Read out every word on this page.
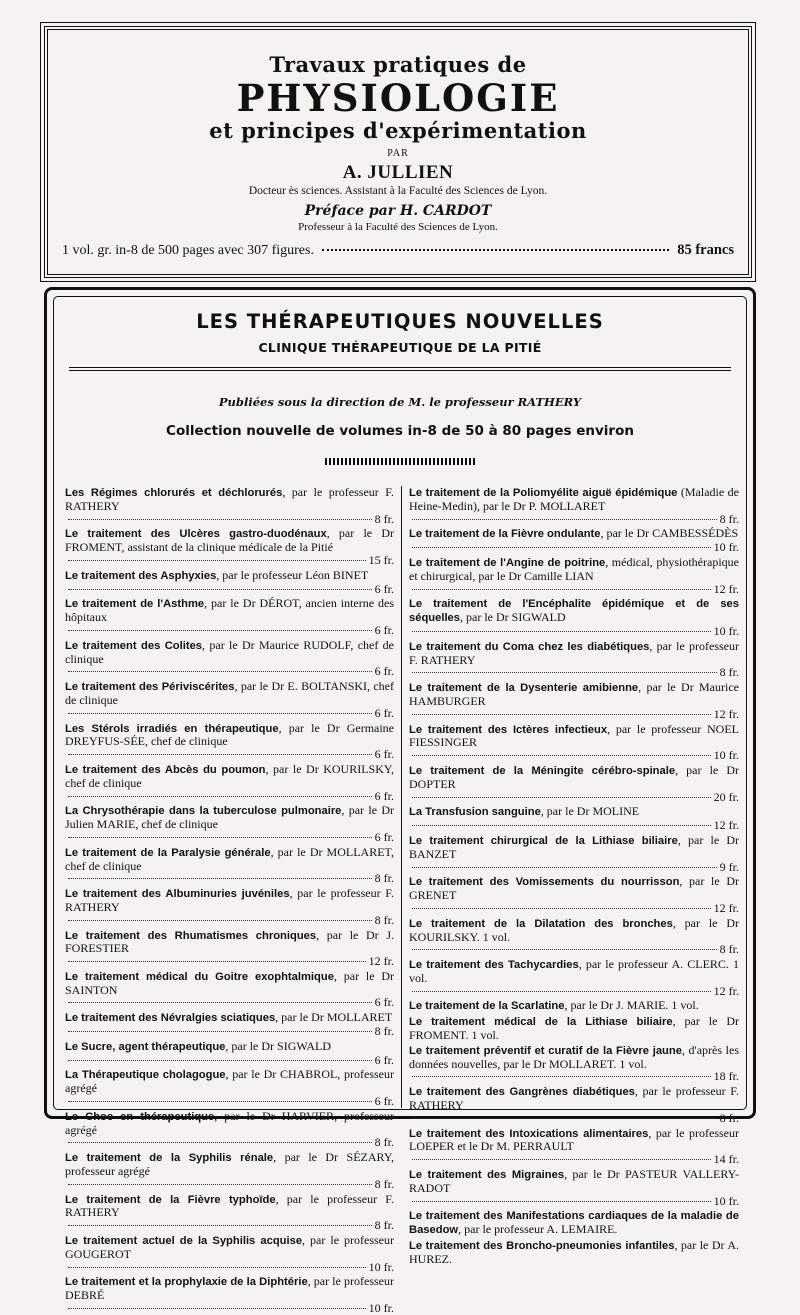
Travaux pratiques de
PHYSIOLOGIE
et principes d'expérimentation
PAR
A. JULLIEN
Docteur ès sciences. Assistant à la Faculté des Sciences de Lyon.
Préface par H. CARDOT
Professeur à la Faculté des Sciences de Lyon.
1 vol. gr. in-8 de 500 pages avec 307 figures.	85 francs
LES THÉRAPEUTIQUES NOUVELLES
CLINIQUE THÉRAPEUTIQUE DE LA PITIÉ
Publiées sous la direction de M. le professeur RATHERY
Collection nouvelle de volumes in-8 de 50 à 80 pages environ
Les Régimes chlorurés et déchlorurés, par le professeur F. RATHERY
8 fr.
Le traitement des Ulcères gastro-duodénaux, par le Dr FROMENT, assistant de la clinique médicale de la Pitié
15 fr.
Le traitement des Asphyxies, par le professeur Léon BINET
6 fr.
Le traitement de l'Asthme, par le Dr DÉROT, ancien interne des hôpitaux
6 fr.
Le traitement des Colites, par le Dr Maurice RUDOLF, chef de clinique
6 fr.
Le traitement des Périviscérites, par le Dr E. BOLTANSKI, chef de clinique
6 fr.
Les Stérols irradiés en thérapeutique, par le Dr Germaine DREYFUS-SÉE, chef de clinique
6 fr.
Le traitement des Abcès du poumon, par le Dr KOURILSKY, chef de clinique
6 fr.
La Chrysothérapie dans la tuberculose pulmonaire, par le Dr Julien MARIE, chef de clinique
6 fr.
Le traitement de la Paralysie générale, par le Dr MOLLARET, chef de clinique
8 fr.
Le traitement des Albuminuries juvéniles, par le professeur F. RATHERY
8 fr.
Le traitement des Rhumatismes chroniques, par le Dr J. FORESTIER
12 fr.
Le traitement médical du Goitre exophtalmique, par le Dr SAINTON
6 fr.
Le traitement des Névralgies sciatiques, par le Dr MOLLARET
8 fr.
Le Sucre, agent thérapeutique, par le Dr SIGWALD
6 fr.
La Thérapeutique cholagogue, par le Dr CHABROL, professeur agrégé
6 fr.
Le Choc en thérapeutique, par le Dr HARVIER, professeur agrégé
8 fr.
Le traitement de la Syphilis rénale, par le Dr SÉZARY, professeur agrégé
8 fr.
Le traitement de la Fièvre typhoïde, par le professeur F. RATHERY
8 fr.
Le traitement actuel de la Syphilis acquise, par le professeur GOUGEROT
10 fr.
Le traitement et la prophylaxie de la Diphtérie, par le professeur DEBRÉ
10 fr.
Le traitement de la Poliomyélite aiguë épidémique (Maladie de Heine-Medin), par le Dr P. MOLLARET
8 fr.
Le traitement de la Fièvre ondulante, par le Dr CAMBESSÉDÈS
10 fr.
Le traitement de l'Angine de poitrine, médical, physiothérapique et chirurgical, par le Dr Camille LIAN
12 fr.
Le traitement de l'Encéphalite épidémique et de ses séquelles, par le Dr SIGWALD
10 fr.
Le traitement du Coma chez les diabétiques, par le professeur F. RATHERY
8 fr.
Le traitement de la Dysenterie amibienne, par le Dr Maurice HAMBURGER
12 fr.
Le traitement des Ictères infectieux, par le professeur NOEL FIESSINGER
10 fr.
Le traitement de la Méningite cérébro-spinale, par le Dr DOPTER
20 fr.
La Transfusion sanguine, par le Dr MOLINE
12 fr.
Le traitement chirurgical de la Lithiase biliaire, par le Dr BANZET
9 fr.
Le traitement des Vomissements du nourrisson, par le Dr GRENET
12 fr.
Le traitement de la Dilatation des bronches, par le Dr KOURILSKY. 1 vol.
8 fr.
Le traitement des Tachycardies, par le professeur A. CLERC. 1 vol.
12 fr.
Le traitement de la Scarlatine, par le Dr J. MARIE. 1 vol.
Le traitement médical de la Lithiase biliaire, par le Dr FROMENT. 1 vol.
Le traitement préventif et curatif de la Fièvre jaune, d'après les données nouvelles, par le Dr MOLLARET. 1 vol.
18 fr.
Le traitement des Gangrènes diabétiques, par le professeur F. RATHERY
8 fr.
Le traitement des Intoxications alimentaires, par le professeur LOEPER et le Dr M. PERRAULT
14 fr.
Le traitement des Migraines, par le Dr PASTEUR VALLERY-RADOT
10 fr.
Le traitement des Manifestations cardiaques de la maladie de Basedow, par le professeur A. LEMAIRE.
Le traitement des Broncho-pneumonies infantiles, par le Dr A. HUREZ.
